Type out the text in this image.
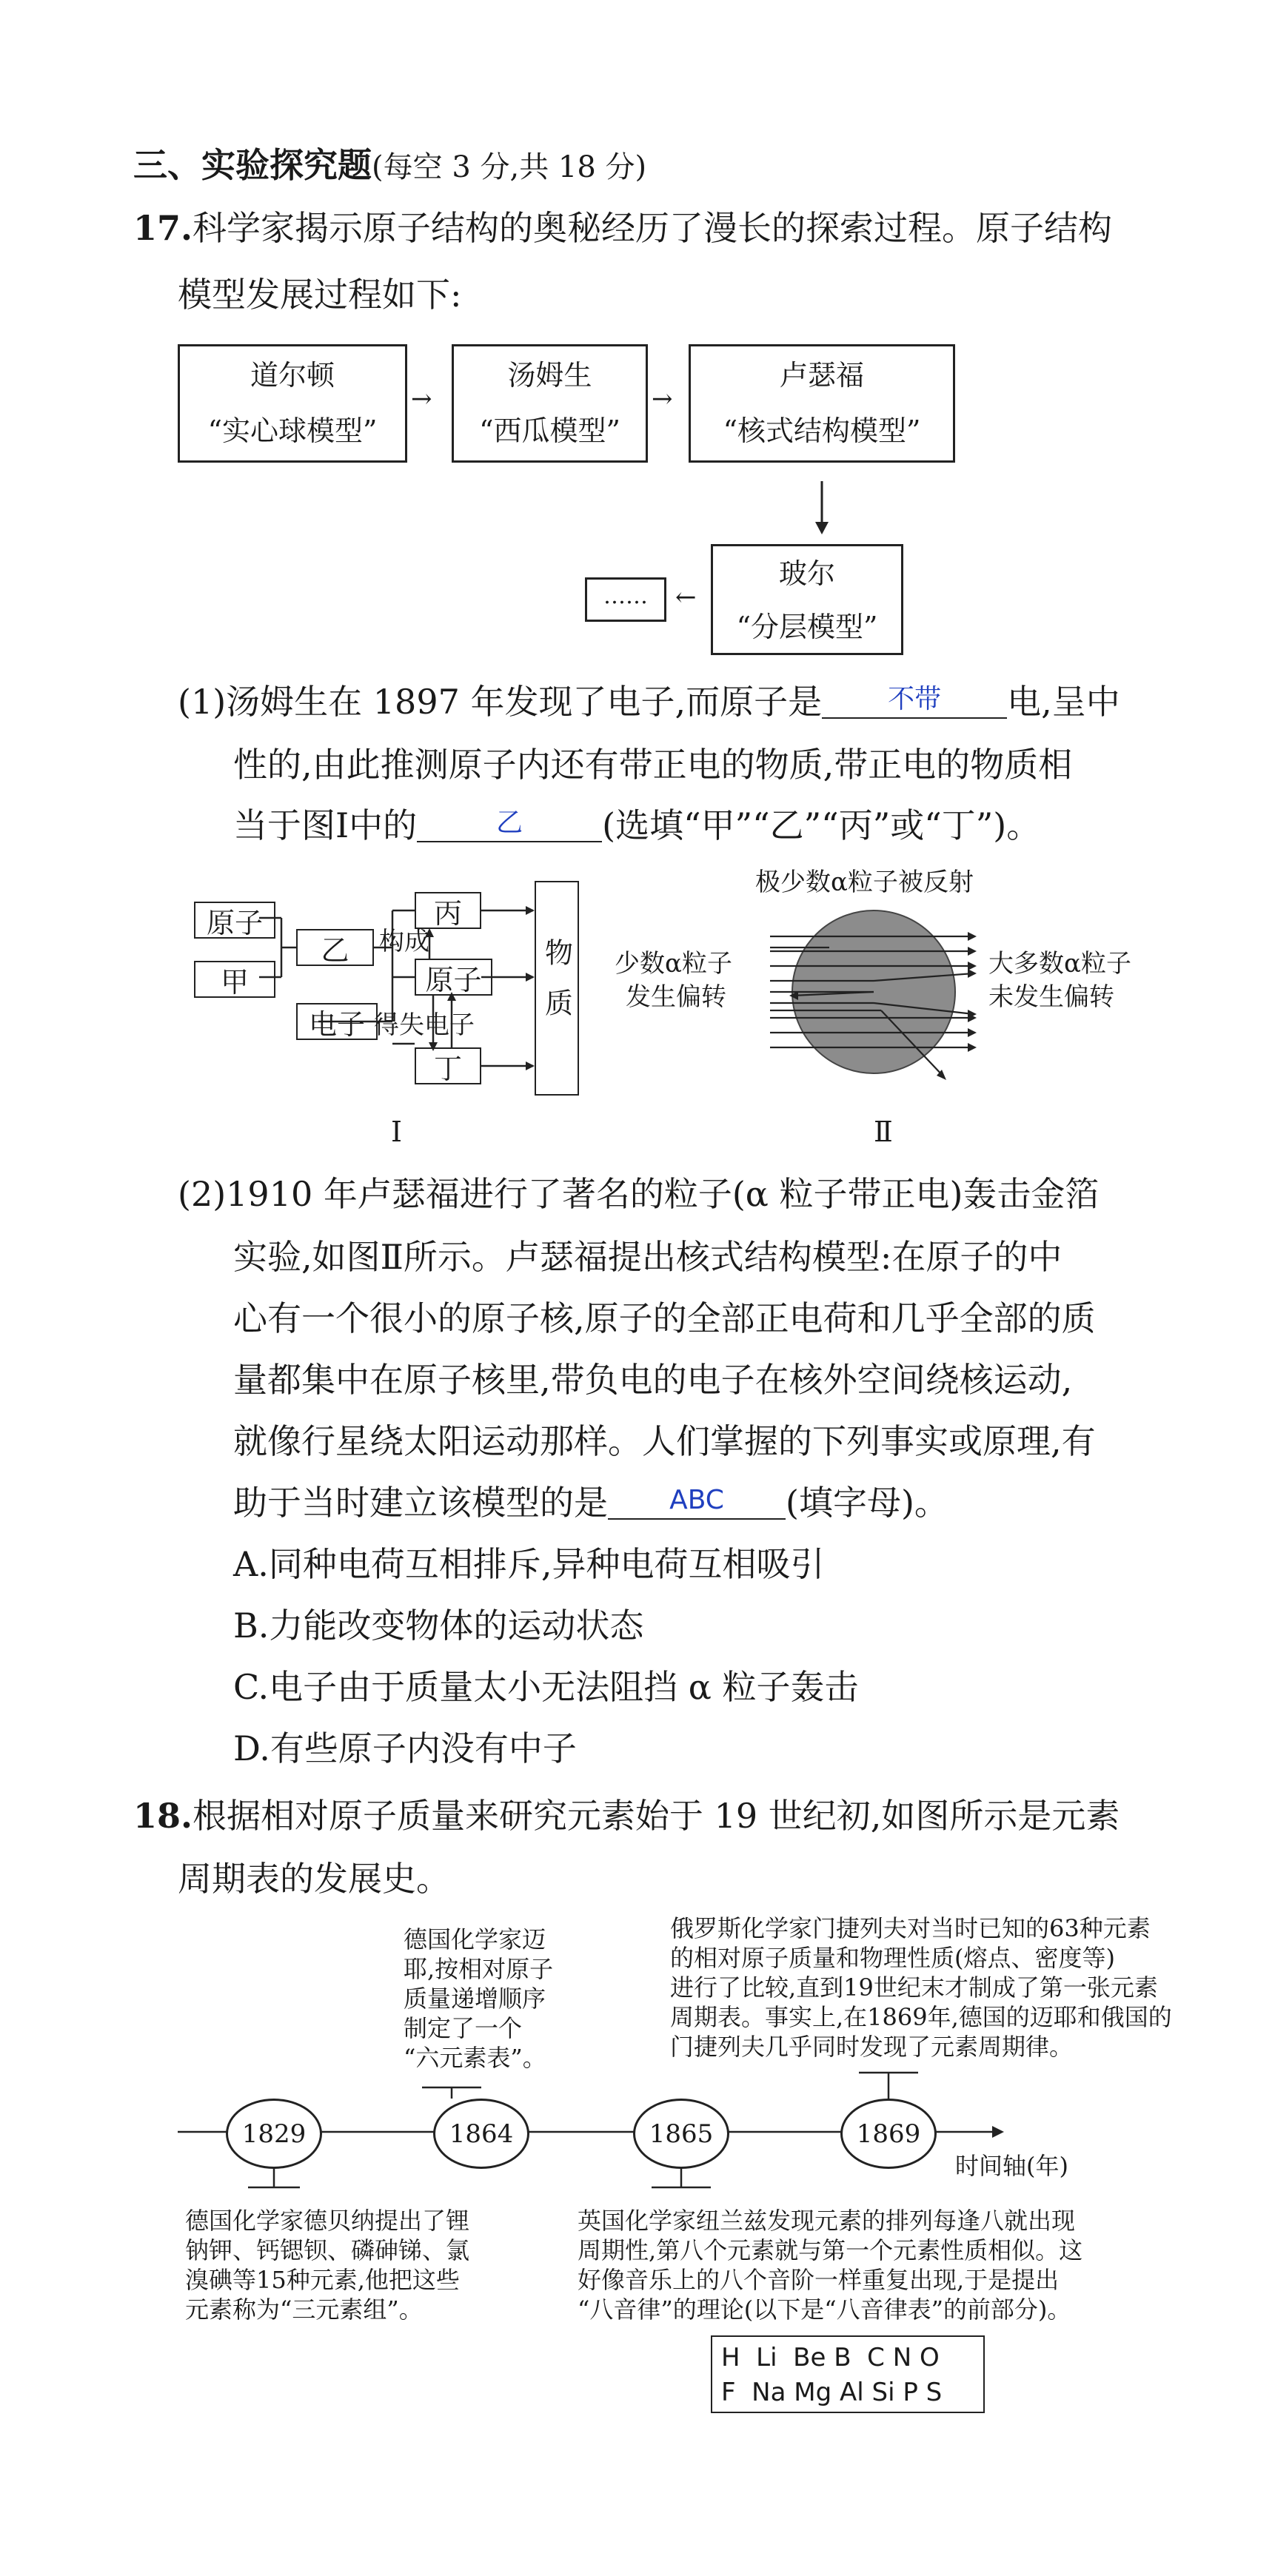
三、实验探究题(每空 3 分,共 18 分)
17.科学家揭示原子结构的奥秘经历了漫长的探索过程。原子结构
模型发展过程如下:
道尔顿
“实心球模型”
→
汤姆生
“西瓜模型”
→
卢瑟福
“核式结构模型”
玻尔
“分层模型”
←
……
(1)汤姆生在 1897 年发现了电子,而原子是 不带 电,呈中
性的,由此推测原子内还有带正电的物质,带正电的物质相
当于图Ⅰ中的	乙 (选填“甲”“乙”“丙”或“丁”)。
原子
甲
乙
电子
丙
原子
丁
构成
得失电子 物质
Ⅰ
极少数α粒子被反射
少数α粒子
发生偏转
大多数α粒子
未发生偏转
Ⅱ
(2)1910 年卢瑟福进行了著名的粒子(α 粒子带正电)轰击金箔
实验,如图Ⅱ所示。卢瑟福提出核式结构模型:在原子的中
心有一个很小的原子核,原子的全部正电荷和几乎全部的质
量都集中在原子核里,带负电的电子在核外空间绕核运动,
就像行星绕太阳运动那样。人们掌握的下列事实或原理,有
助于当时建立该模型的是 ABC (填字母)。
A.同种电荷互相排斥,异种电荷互相吸引
B.力能改变物体的运动状态
C.电子由于质量太小无法阻挡 α 粒子轰击
D.有些原子内没有中子
18.根据相对原子质量来研究元素始于 19 世纪初,如图所示是元素
周期表的发展史。
德国化学家迈
耶,按相对原子
质量递增顺序
制定了一个
“六元素表”。
俄罗斯化学家门捷列夫对当时已知的63种元素
的相对原子质量和物理性质(熔点、密度等)
进行了比较,直到19世纪末才制成了第一张元素
周期表。事实上,在1869年,德国的迈耶和俄国的
门捷列夫几乎同时发现了元素周期律。
1829	1864	1865	1869
时间轴(年)
德国化学家德贝纳提出了锂
钠钾、钙锶钡、磷砷锑、氯
溴碘等15种元素,他把这些
元素称为“三元素组”。
英国化学家纽兰兹发现元素的排列每逢八就出现
周期性,第八个元素就与第一个元素性质相似。这
好像音乐上的八个音阶一样重复出现,于是提出
“八音律”的理论(以下是“八音律表”的前部分)。
H  Li  Be B  C N O
F  Na Mg Al Si P S
